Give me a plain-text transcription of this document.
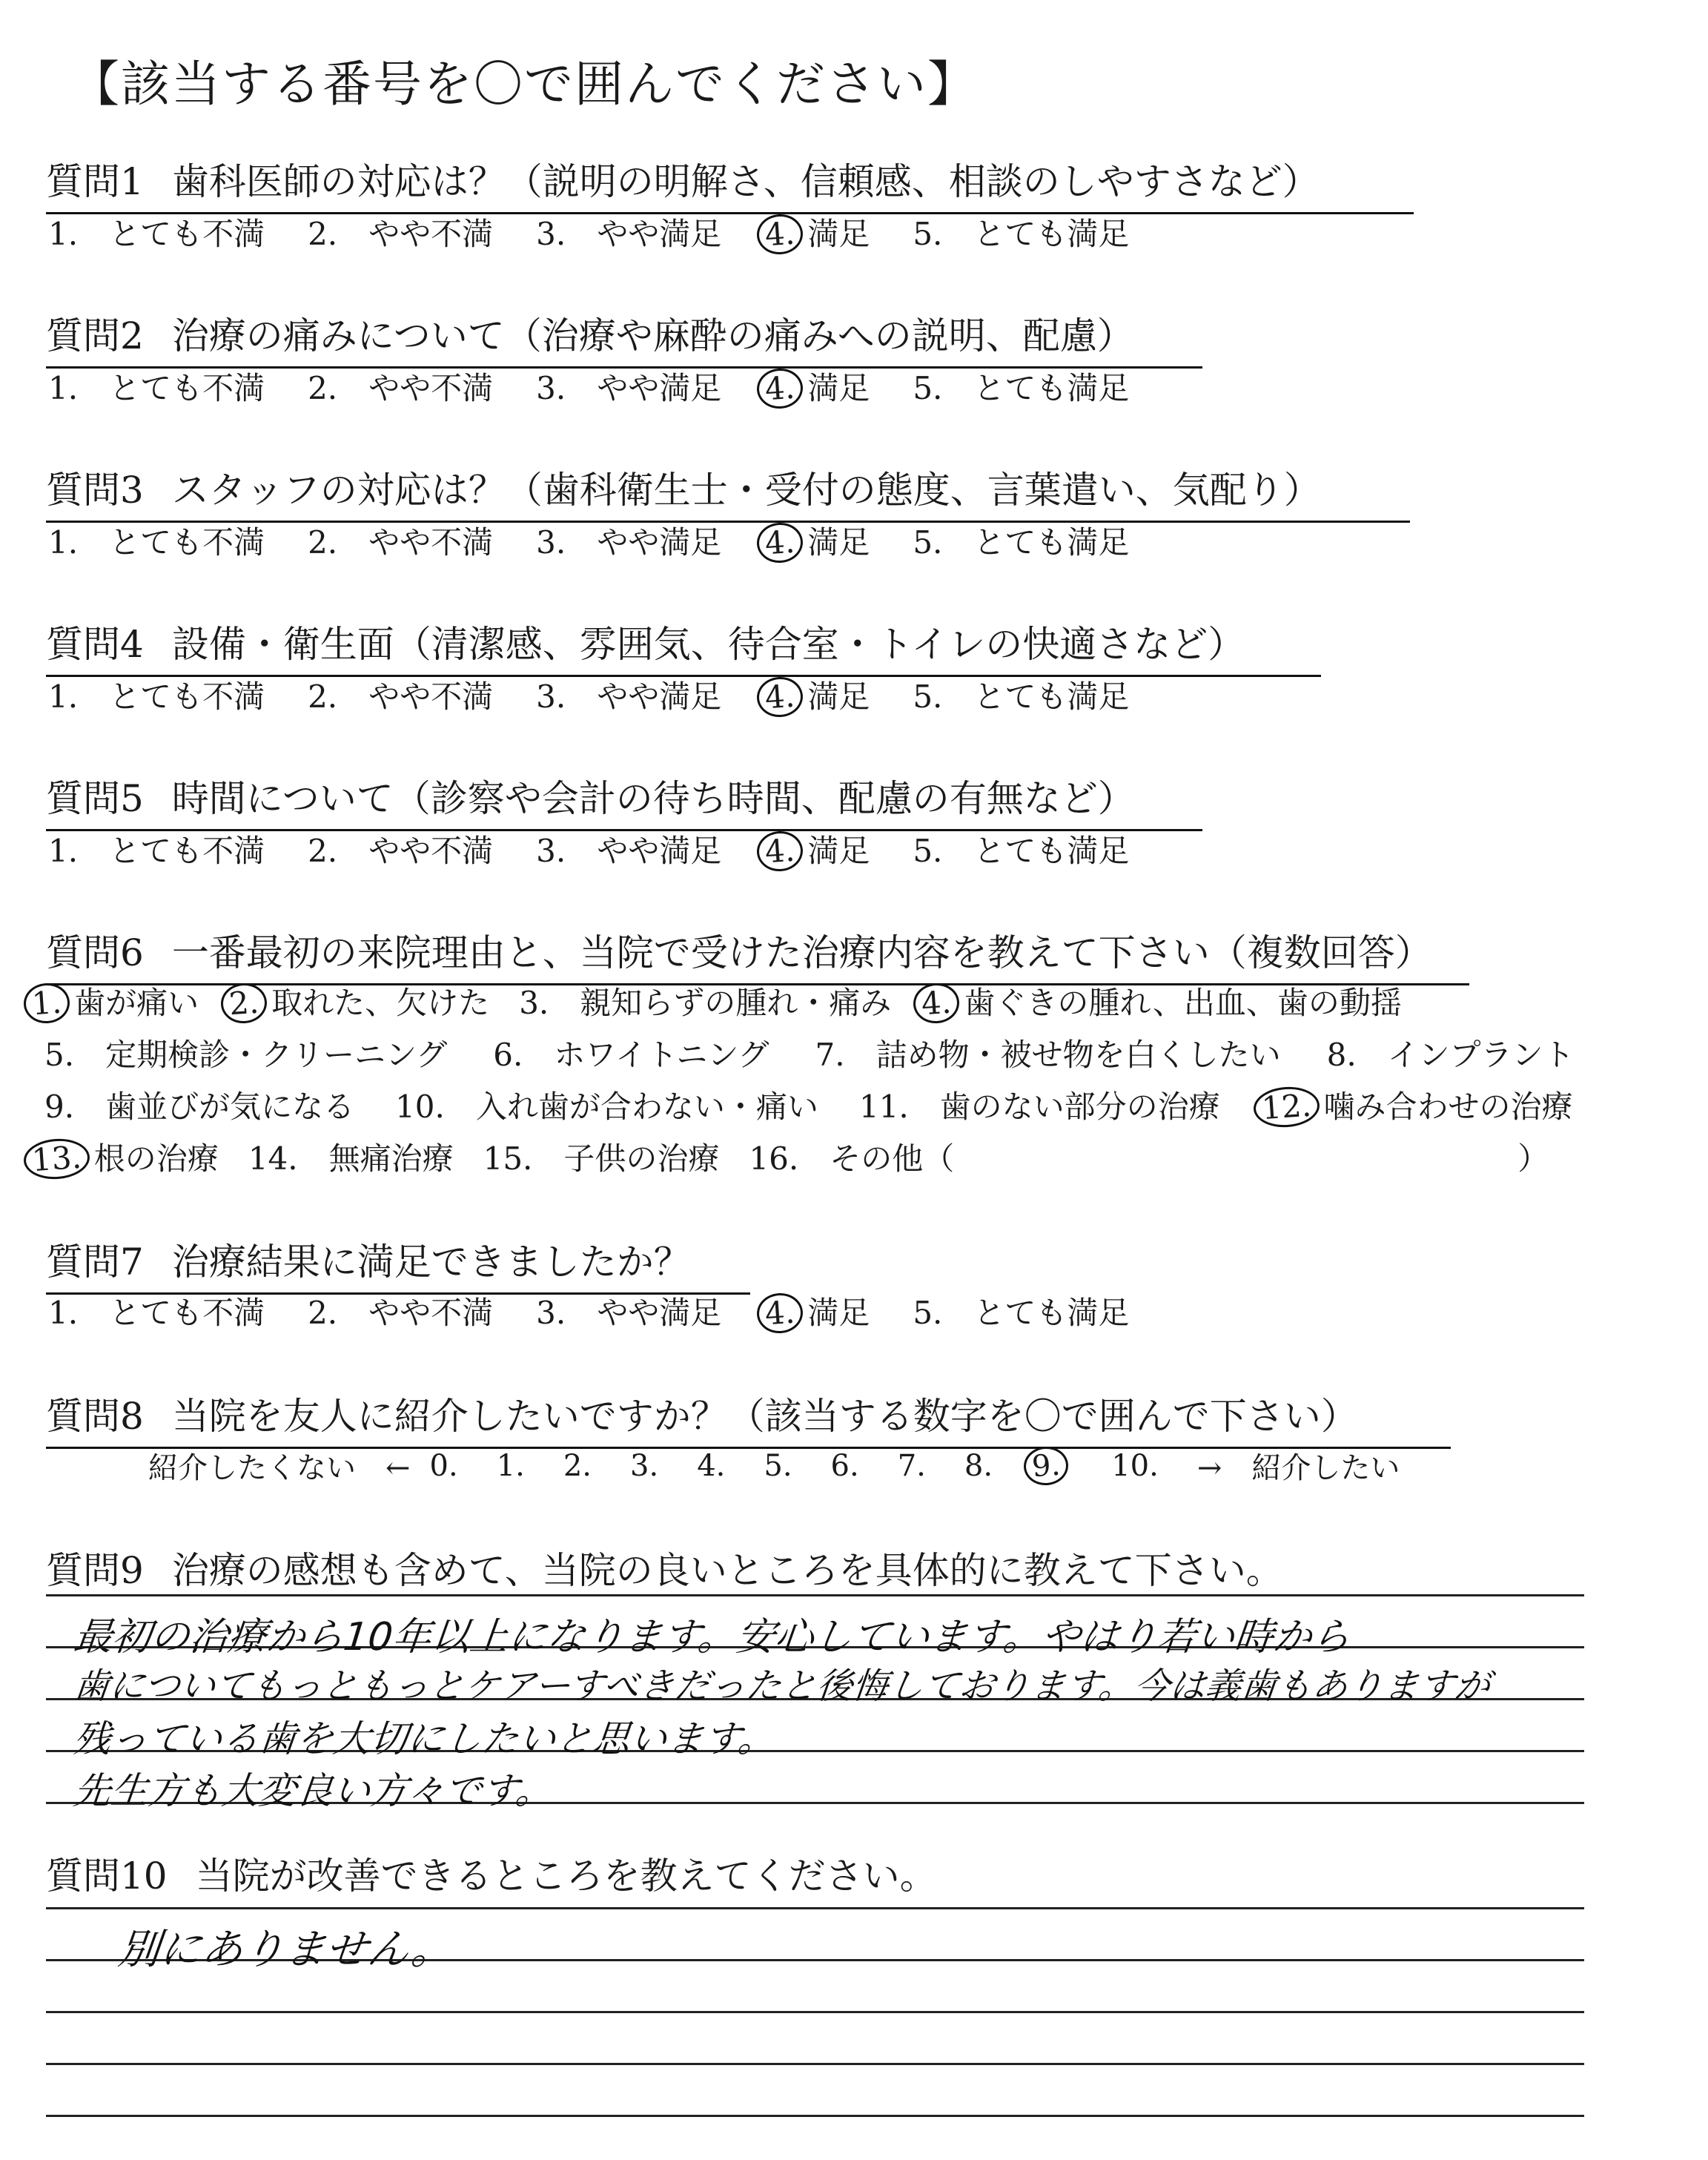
【該当する番号を〇で囲んでください】
質問1 歯科医師の対応は？（説明の明解さ、信頼感、相談のしやすさなど）
1.　とても不満 2.　やや不満 3.　やや満足 4. 満足 5.　とても満足
質問2 治療の痛みについて（治療や麻酔の痛みへの説明、配慮）
1.　とても不満 2.　やや不満 3.　やや満足 4. 満足 5.　とても満足
質問3 スタッフの対応は？（歯科衛生士・受付の態度、言葉遣い、気配り）
1.　とても不満 2.　やや不満 3.　やや満足 4. 満足 5.　とても満足
質問4 設備・衛生面（清潔感、雰囲気、待合室・トイレの快適さなど）
1.　とても不満 2.　やや不満 3.　やや満足 4. 満足 5.　とても満足
質問5 時間について（診察や会計の待ち時間、配慮の有無など）
1.　とても不満 2.　やや不満 3.　やや満足 4. 満足 5.　とても満足
質問6 一番最初の来院理由と、当院で受けた治療内容を教えて下さい（複数回答）
1. 歯が痛い 2. 取れた、欠けた 3.　親知らずの腫れ・痛み 4. 歯ぐきの腫れ、出血、歯の動揺
5.　定期検診・クリーニング 6.　ホワイトニング 7.　詰め物・被せ物を白くしたい 8.　インプラント
9.　歯並びが気になる 10.　入れ歯が合わない・痛い 11.　歯のない部分の治療 12. 噛み合わせの治療
13. 根の治療 14.　無痛治療 15.　子供の治療 16.　その他（	）
質問7 治療結果に満足できましたか？
1.　とても不満 2.　やや不満 3.　やや満足 4. 満足 5.　とても満足
質問8 当院を友人に紹介したいですか？（該当する数字を〇で囲んで下さい）
紹介したくない　← 0. 1. 2. 3. 4. 5. 6. 7. 8. 9.	10. →　紹介したい
質問9 治療の感想も含めて、当院の良いところを具体的に教えて下さい。
最初の治療から10年以上になります。安心しています。やはり若い時から
歯についてもっともっとケアーすべきだったと後悔しております。今は義歯もありますが
残っている歯を大切にしたいと思います。
先生方も大変良い方々です。
質問10 当院が改善できるところを教えてください。
別にありません。
